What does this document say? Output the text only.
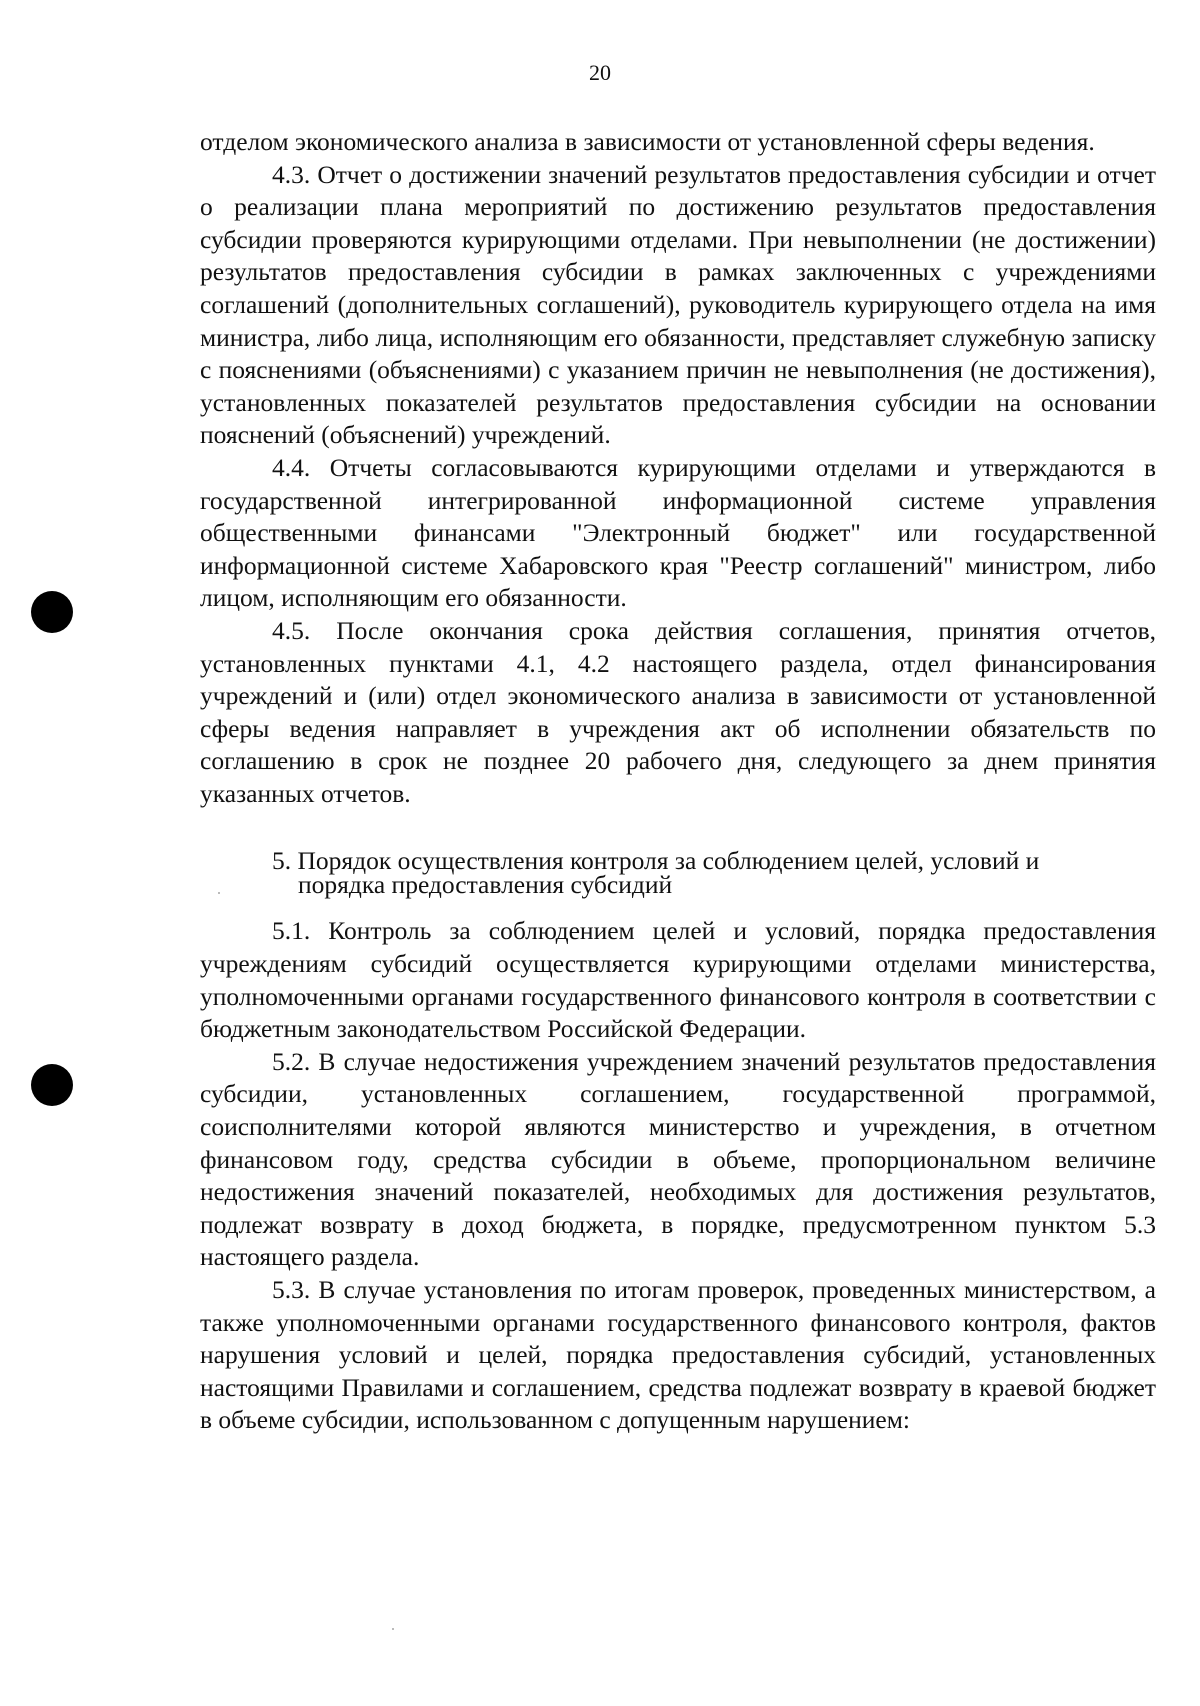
20

отделом экономического анализа в зависимости от установленной сферы ведения.

4.3. Отчет о достижении значений результатов предоставления субсидии и отчет о реализации плана мероприятий по достижению результатов предоставления субсидии проверяются курирующими отделами. При невыполнении (не достижении) результатов предоставления субсидии в рамках заключенных с учреждениями соглашений (дополнительных соглашений), руководитель курирующего отдела на имя министра, либо лица, исполняющим его обязанности, представляет служебную записку с пояснениями (объяснениями) с указанием причин не невыполнения (не достижения), установленных показателей результатов предоставления субсидии на основании пояснений (объяснений) учреждений.

4.4. Отчеты согласовываются курирующими отделами и утверждаются в государственной интегрированной информационной системе управления общественными финансами "Электронный бюджет" или государственной информационной системе Хабаровского края "Реестр соглашений" министром, либо лицом, исполняющим его обязанности.

4.5. После окончания срока действия соглашения, принятия отчетов, установленных пунктами 4.1, 4.2 настоящего раздела, отдел финансирования учреждений и (или) отдел экономического анализа в зависимости от установленной сферы ведения направляет в учреждения акт об исполнении обязательств по соглашению в срок не позднее 20 рабочего дня, следующего за днем принятия указанных отчетов.

5. Порядок осуществления контроля за соблюдением целей, условий и
порядка предоставления субсидий

5.1. Контроль за соблюдением целей и условий, порядка предоставления учреждениям субсидий осуществляется курирующими отделами министерства, уполномоченными органами государственного финансового контроля в соответствии с бюджетным законодательством Российской Федерации.

5.2. В случае недостижения учреждением значений результатов предоставления субсидии, установленных соглашением, государственной программой, соисполнителями которой являются министерство и учреждения, в отчетном финансовом году, средства субсидии в объеме, пропорциональном величине недостижения значений показателей, необходимых для достижения результатов, подлежат возврату в доход бюджета, в порядке, предусмотренном пунктом 5.3 настоящего раздела.

5.3. В случае установления по итогам проверок, проведенных министерством, а также уполномоченными органами государственного финансового контроля, фактов нарушения условий и целей, порядка предоставления субсидий, установленных настоящими Правилами и соглашением, средства подлежат возврату в краевой бюджет в объеме субсидии, использованном с допущенным нарушением:
